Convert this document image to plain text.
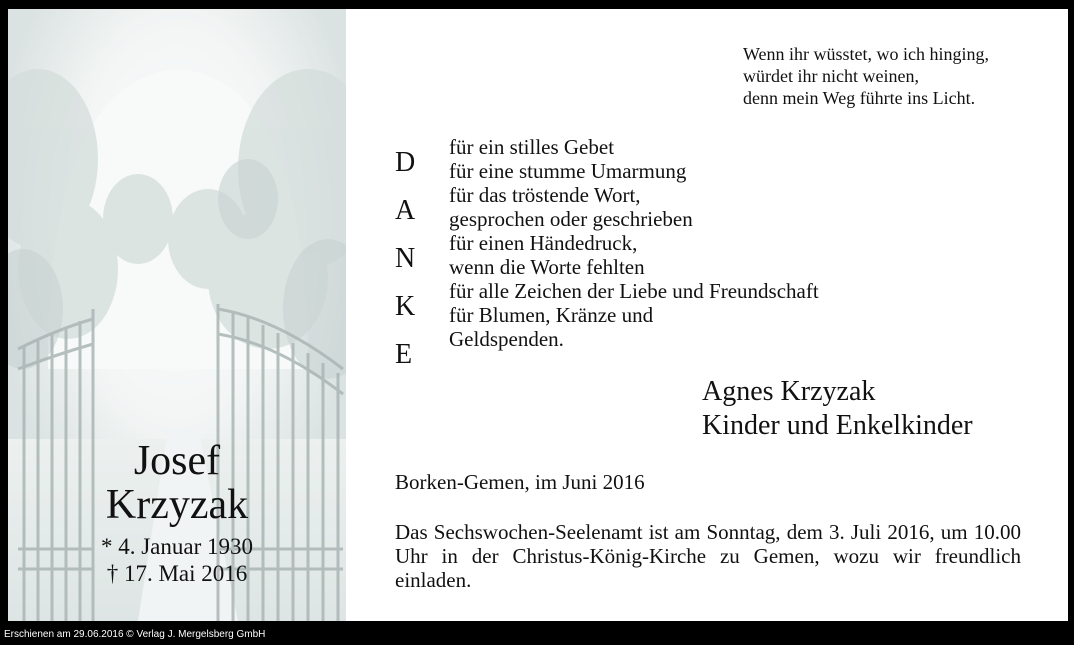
Josef
Krzyzak
* 4. Januar 1930
† 17. Mai 2016
Wenn ihr wüsstet, wo ich hinging,
würdet ihr nicht weinen,
denn mein Weg führte ins Licht.
D
A
N
K
E
für ein stilles Gebet
für eine stumme Umarmung
für das tröstende Wort,
gesprochen oder geschrieben
für einen Händedruck,
wenn die Worte fehlten
für alle Zeichen der Liebe und Freundschaft
für Blumen, Kränze und
Geldspenden.
Agnes Krzyzak
Kinder und Enkelkinder
Borken-Gemen, im Juni 2016
Das Sechswochen-Seelenamt ist am Sonntag, dem 3. Juli 2016, um 10.00 Uhr in der Christus-König-Kirche zu Gemen, wozu wir freundlich einladen.
Erschienen am 29.06.2016 © Verlag J. Mergelsberg GmbH
